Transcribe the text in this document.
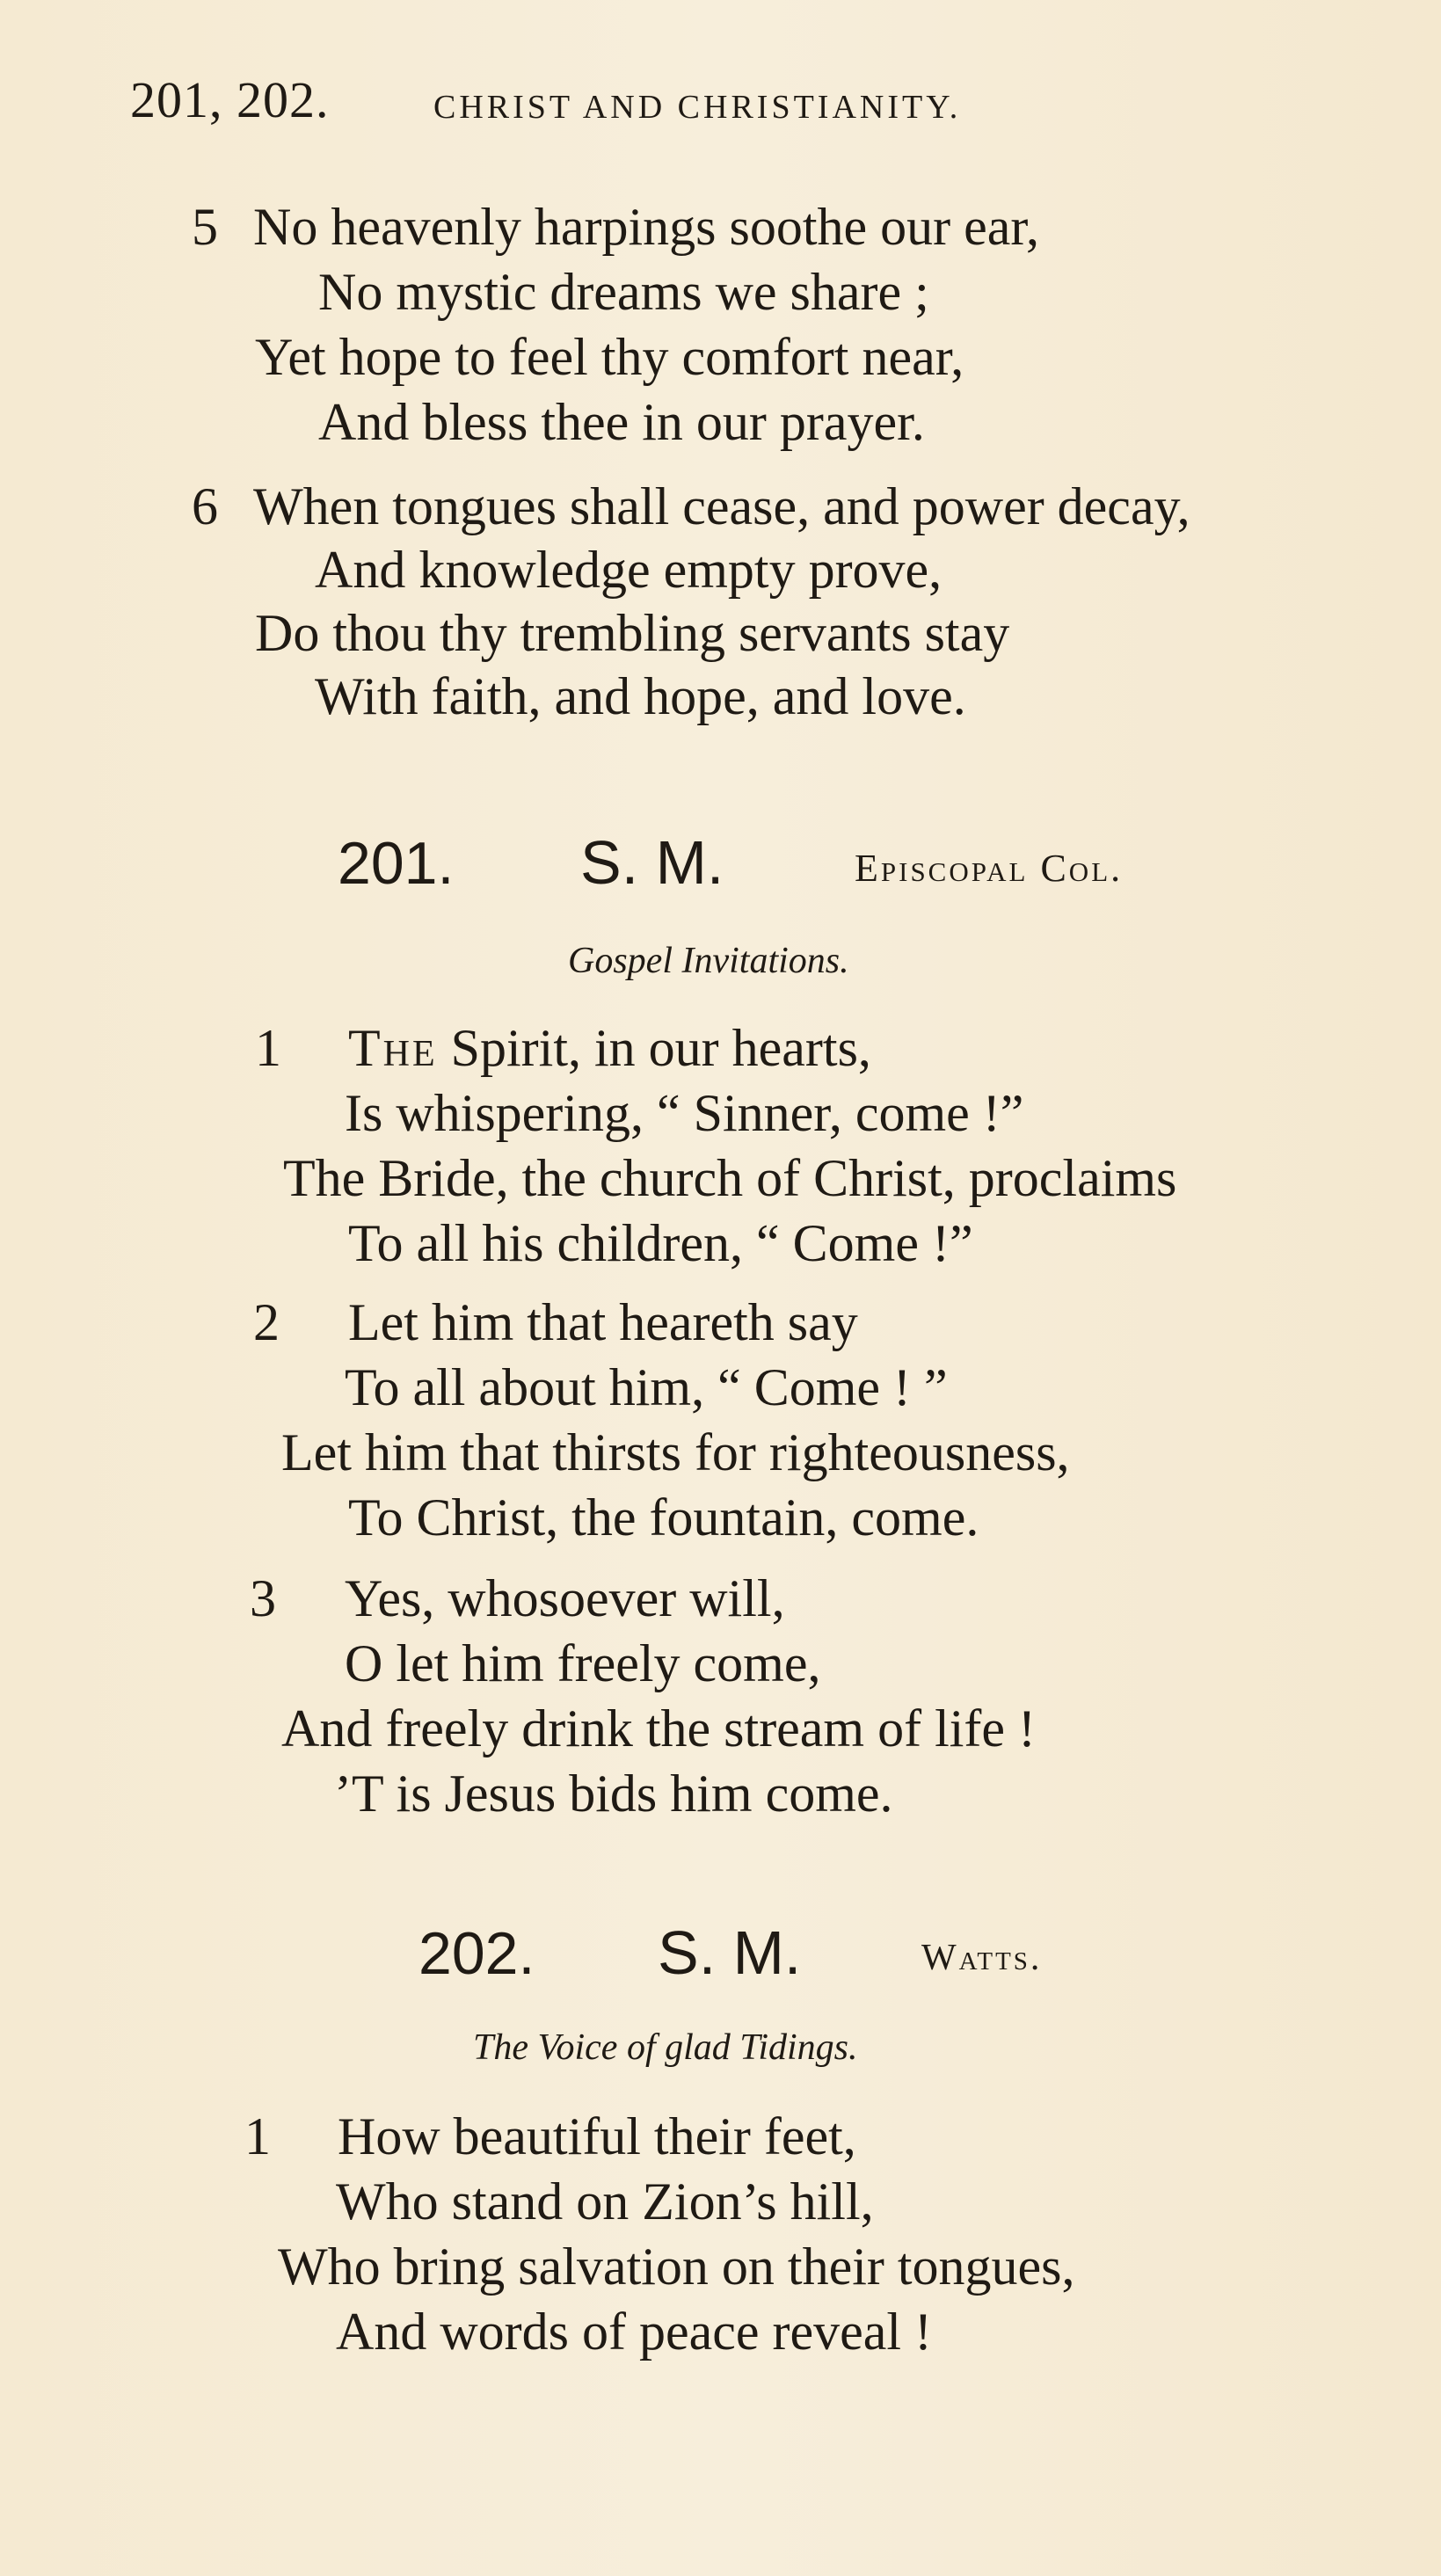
201, 202.	CHRIST AND CHRISTIANITY.
5 No heavenly harpings soothe our ear,
No mystic dreams we share ;
Yet hope to feel thy comfort near,
And bless thee in our prayer.
6 When tongues shall cease, and power decay,
And knowledge empty prove,
Do thou thy trembling servants stay
With faith, and hope, and love.
201. S. M.	Episcopal Col.
Gospel Invitations.
1 The Spirit, in our hearts,
Is whispering, “ Sinner, come !”
The Bride, the church of Christ, proclaims
To all his children, “ Come !”
2 Let him that heareth say
To all about him, “ Come ! ”
Let him that thirsts for righteousness,
To Christ, the fountain, come.
3 Yes, whosoever will,
O let him freely come,
And freely drink the stream of life !
’T is Jesus bids him come.
202. S. M.	Watts.
The Voice of glad Tidings.
1 How beautiful their feet,
Who stand on Zion’s hill,
Who bring salvation on their tongues,
And words of peace reveal !
